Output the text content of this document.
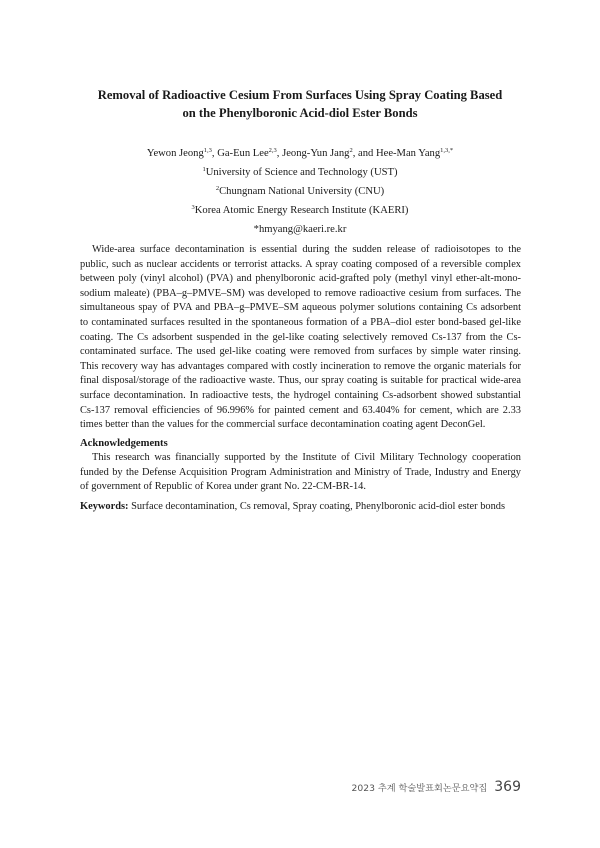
Removal of Radioactive Cesium From Surfaces Using Spray Coating Based
on the Phenylboronic Acid-diol Ester Bonds
Yewon Jeong$^{1,3}$, Ga-Eun Lee$^{2,3}$, Jeong-Yun Jang$^2$, and Hee-Man Yang$^{1,3,*}$
$^1$University of Science and Technology (UST)
$^2$Chungnam National University (CNU)
$^3$Korea Atomic Energy Research Institute (KAERI)
*hmyang@kaeri.re.kr

Wide-area surface decontamination is essential during the sudden release of radioisotopes to the public, such as nuclear accidents or terrorist attacks. A spray coating composed of a reversible complex between poly (vinyl alcohol) (PVA) and phenylboronic acid-grafted poly (methyl vinyl ether-alt-mono-sodium maleate) (PBA–g–PMVE–SM) was developed to remove radioactive cesium from surfaces. The simultaneous spay of PVA and PBA–g–PMVE–SM aqueous polymer solutions containing Cs adsorbent to contaminated surfaces resulted in the spontaneous formation of a PBA–diol ester bond-based gel-like coating. The Cs adsorbent suspended in the gel-like coating selectively removed Cs-137 from the Cs-contaminated surface. The used gel-like coating were removed from surfaces by simple water rinsing. This recovery way has advantages compared with costly incineration to remove the organic materials for final disposal/storage of the radioactive waste. Thus, our spray coating is suitable for practical wide-area surface decontamination. In radioactive tests, the hydrogel containing Cs-adsorbent showed substantial Cs-137 removal efficiencies of 96.996% for painted cement and 63.404% for cement, which are 2.33 times better than the values for the commercial surface decontamination coating agent DeconGel.

Acknowledgements

This research was financially supported by the Institute of Civil Military Technology cooperation funded by the Defense Acquisition Program Administration and Ministry of Trade, Industry and Energy of government of Republic of Korea under grant No. 22-CM-BR-14.

Keywords: Surface decontamination, Cs removal, Spray coating, Phenylboronic acid-diol ester bonds
2023 추계 학술발표회논문요약집 369
